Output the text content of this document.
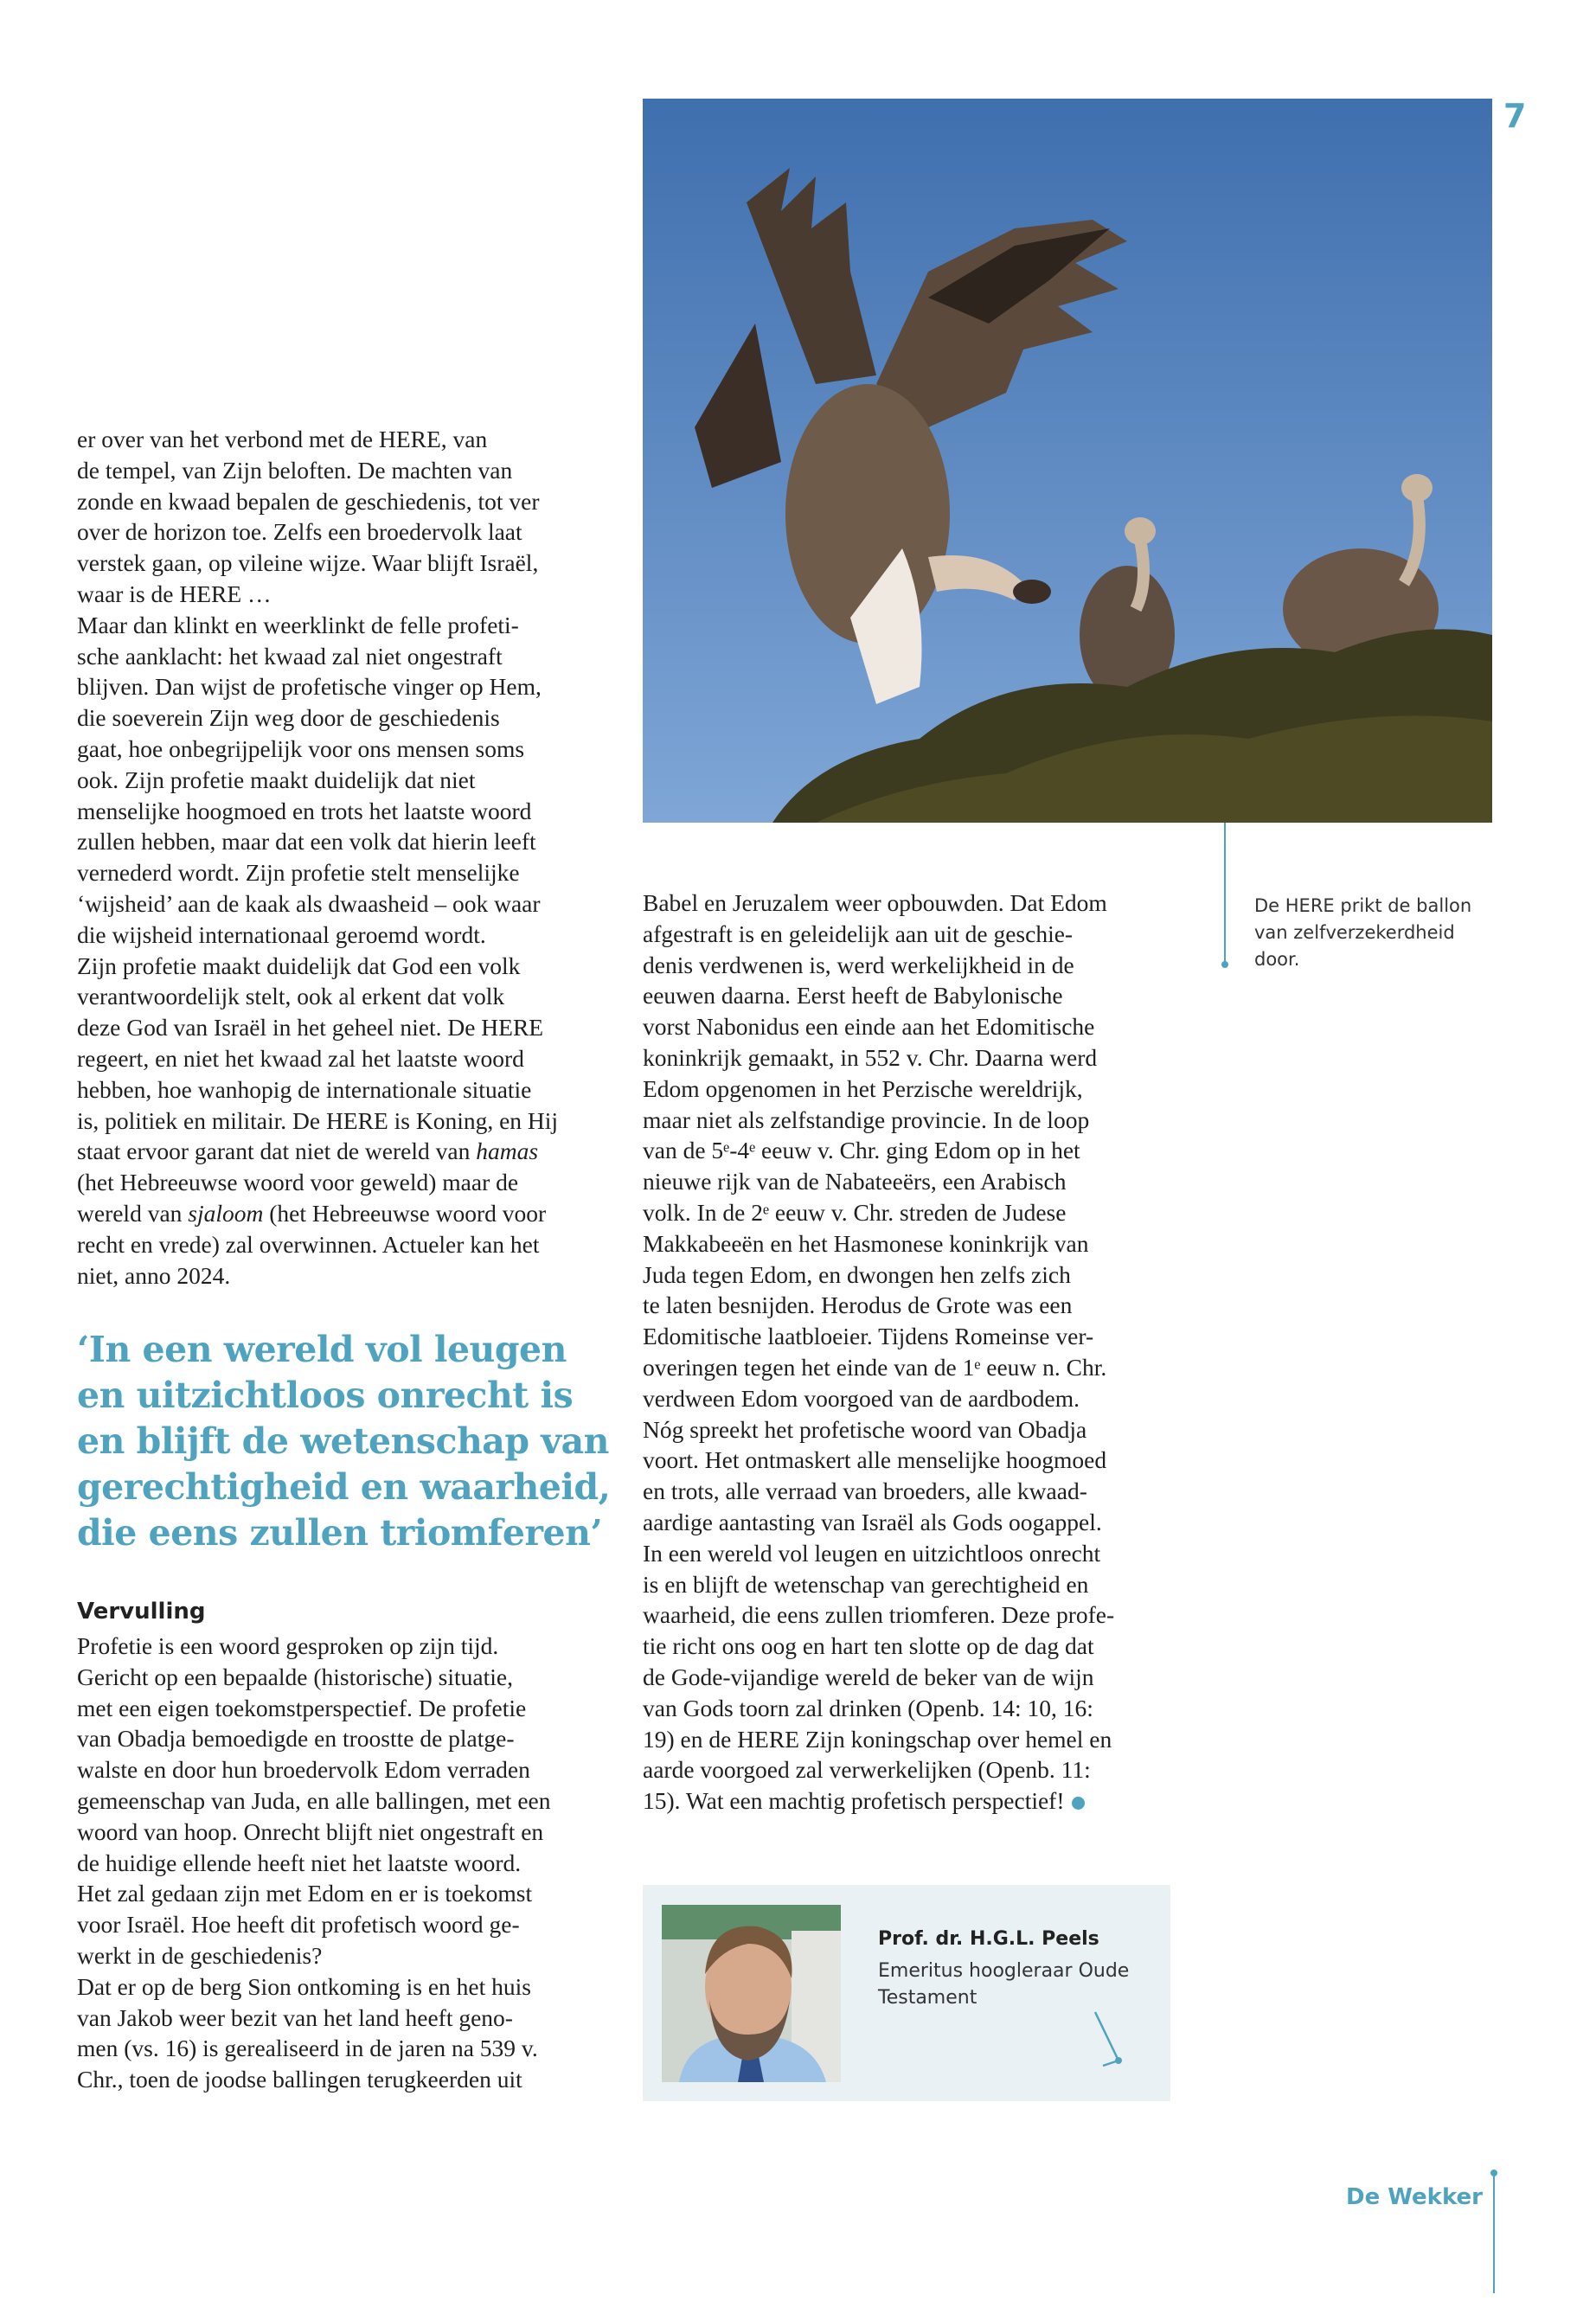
7
De HERE prikt de ballon
van zelfverzekerdheid
door.
er over van het verbond met de HERE, van
de tempel, van Zijn beloften. De machten van
zonde en kwaad bepalen de geschiedenis, tot ver
over de horizon toe. Zelfs een broedervolk laat
verstek gaan, op vileine wijze. Waar blijft Israël,
waar is de HERE …
Maar dan klinkt en weerklinkt de felle profeti-
sche aanklacht: het kwaad zal niet ongestraft
blijven. Dan wijst de profetische vinger op Hem,
die soeverein Zijn weg door de geschiedenis
gaat, hoe onbegrijpelijk voor ons mensen soms
ook. Zijn profetie maakt duidelijk dat niet
menselijke hoogmoed en trots het laatste woord
zullen hebben, maar dat een volk dat hierin leeft
vernederd wordt. Zijn profetie stelt menselijke
‘wijsheid’ aan de kaak als dwaasheid – ook waar
die wijsheid internationaal geroemd wordt.
Zijn profetie maakt duidelijk dat God een volk
verantwoordelijk stelt, ook al erkent dat volk
deze God van Israël in het geheel niet. De HERE
regeert, en niet het kwaad zal het laatste woord
hebben, hoe wanhopig de internationale situatie
is, politiek en militair. De HERE is Koning, en Hij
staat ervoor garant dat niet de wereld van hamas
(het Hebreeuwse woord voor geweld) maar de
wereld van sjaloom (het Hebreeuwse woord voor
recht en vrede) zal overwinnen. Actueler kan het
niet, anno 2024.
‘In een wereld vol leugen
en uitzichtloos onrecht is
en blijft de wetenschap van
gerechtigheid en waarheid,
die eens zullen triomferen’
Vervulling
Profetie is een woord gesproken op zijn tijd.
Gericht op een bepaalde (historische) situatie,
met een eigen toekomstperspectief. De profetie
van Obadja bemoedigde en troostte de platge-
walste en door hun broedervolk Edom verraden
gemeenschap van Juda, en alle ballingen, met een
woord van hoop. Onrecht blijft niet ongestraft en
de huidige ellende heeft niet het laatste woord.
Het zal gedaan zijn met Edom en er is toekomst
voor Israël. Hoe heeft dit profetisch woord ge-
werkt in de geschiedenis?
Dat er op de berg Sion ontkoming is en het huis
van Jakob weer bezit van het land heeft geno-
men (vs. 16) is gerealiseerd in de jaren na 539 v.
Chr., toen de joodse ballingen terugkeerden uit
Babel en Jeruzalem weer opbouwden. Dat Edom
afgestraft is en geleidelijk aan uit de geschie-
denis verdwenen is, werd werkelijkheid in de
eeuwen daarna. Eerst heeft de Babylonische
vorst Nabonidus een einde aan het Edomitische
koninkrijk gemaakt, in 552 v. Chr. Daarna werd
Edom opgenomen in het Perzische wereldrijk,
maar niet als zelfstandige provincie. In de loop
van de 5ᵉ-4ᵉ eeuw v. Chr. ging Edom op in het
nieuwe rijk van de Nabateeërs, een Arabisch
volk. In de 2ᵉ eeuw v. Chr. streden de Judese
Makkabeeën en het Hasmonese koninkrijk van
Juda tegen Edom, en dwongen hen zelfs zich
te laten besnijden. Herodus de Grote was een
Edomitische laatbloeier. Tijdens Romeinse ver-
overingen tegen het einde van de 1ᵉ eeuw n. Chr.
verdween Edom voorgoed van de aardbodem.
Nóg spreekt het profetische woord van Obadja
voort. Het ontmaskert alle menselijke hoogmoed
en trots, alle verraad van broeders, alle kwaad-
aardige aantasting van Israël als Gods oogappel.
In een wereld vol leugen en uitzichtloos onrecht
is en blijft de wetenschap van gerechtigheid en
waarheid, die eens zullen triomferen. Deze profe-
tie richt ons oog en hart ten slotte op de dag dat
de Gode-vijandige wereld de beker van de wijn
van Gods toorn zal drinken (Openb. 14: 10, 16:
19) en de HERE Zijn koningschap over hemel en
aarde voorgoed zal verwerkelijken (Openb. 11:
15). Wat een machtig profetisch perspectief!
Prof. dr. H.G.L. Peels
Emeritus hoogleraar Oude
Testament
De Wekker
